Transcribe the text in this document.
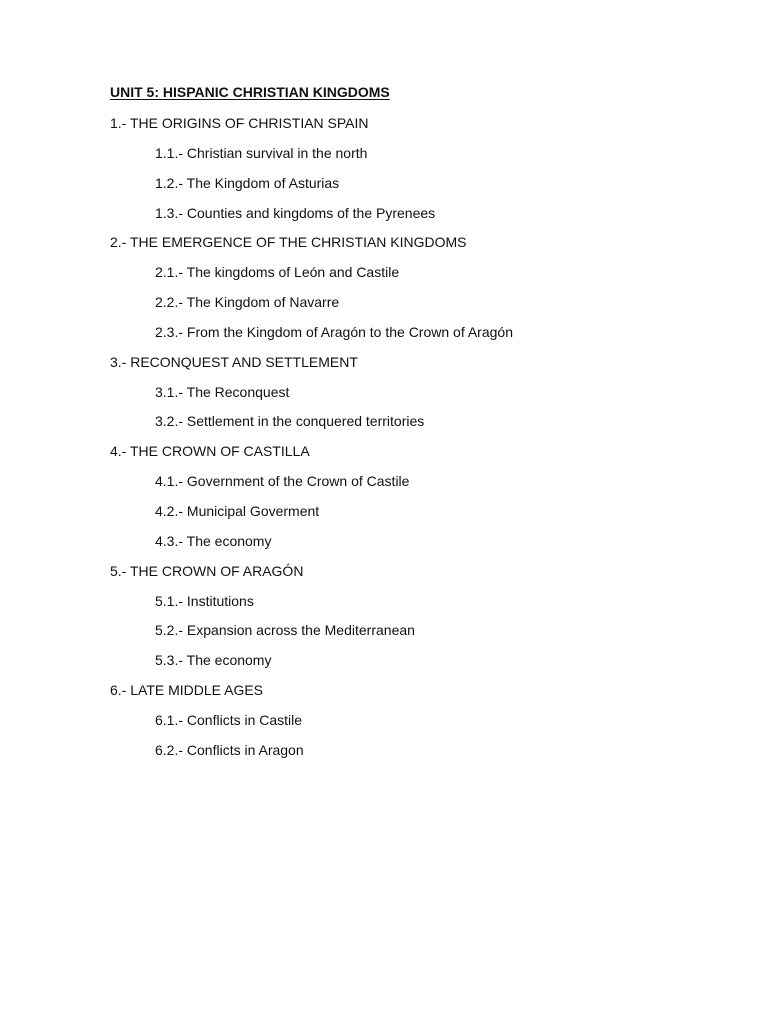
UNIT 5: HISPANIC CHRISTIAN KINGDOMS
1.- THE ORIGINS OF CHRISTIAN SPAIN
1.1.- Christian survival in the north
1.2.- The Kingdom of Asturias
1.3.- Counties and kingdoms of the Pyrenees
2.- THE EMERGENCE OF THE CHRISTIAN KINGDOMS
2.1.- The kingdoms of León and Castile
2.2.- The Kingdom of Navarre
2.3.- From the Kingdom of Aragón to the Crown of Aragón
3.- RECONQUEST AND SETTLEMENT
3.1.- The Reconquest
3.2.- Settlement in the conquered territories
4.- THE CROWN OF CASTILLA
4.1.- Government of the Crown of Castile
4.2.- Municipal Goverment
4.3.- The economy
5.- THE CROWN OF ARAGÓN
5.1.- Institutions
5.2.- Expansion across the Mediterranean
5.3.- The economy
6.- LATE MIDDLE AGES
6.1.- Conflicts in Castile
6.2.- Conflicts in Aragon
